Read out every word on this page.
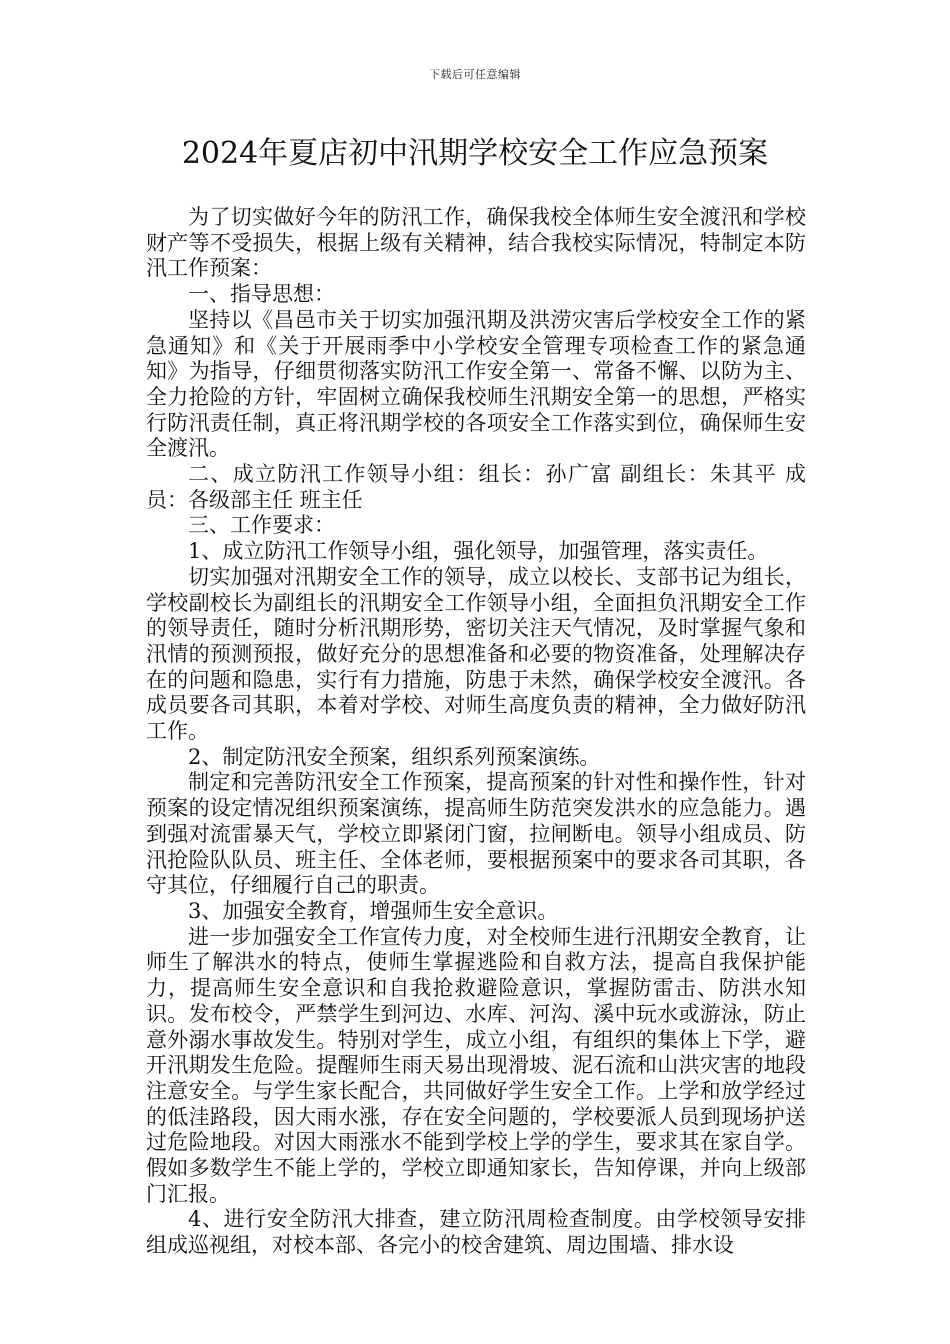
下载后可任意编辑
2024年夏店初中汛期学校安全工作应急预案

为了切实做好今年的防汛工作，确保我校全体师生安全渡汛和学校财产等不受损失，根据上级有关精神，结合我校实际情况，特制定本防汛工作预案：

一、指导思想：

坚持以《昌邑市关于切实加强汛期及洪涝灾害后学校安全工作的紧急通知》和《关于开展雨季中小学校安全管理专项检查工作的紧急通知》为指导，仔细贯彻落实防汛工作安全第一、常备不懈、以防为主、全力抢险的方针，牢固树立确保我校师生汛期安全第一的思想，严格实行防汛责任制，真正将汛期学校的各项安全工作落实到位，确保师生安全渡汛。

二、成立防汛工作领导小组：组长：孙广富 副组长：朱其平 成员：各级部主任 班主任

三、工作要求：

1、成立防汛工作领导小组，强化领导，加强管理，落实责任。

切实加强对汛期安全工作的领导，成立以校长、支部书记为组长，学校副校长为副组长的汛期安全工作领导小组，全面担负汛期安全工作的领导责任，随时分析汛期形势，密切关注天气情况，及时掌握气象和汛情的预测预报，做好充分的思想准备和必要的物资准备，处理解决存在的问题和隐患，实行有力措施，防患于未然，确保学校安全渡汛。各成员要各司其职，本着对学校、对师生高度负责的精神，全力做好防汛工作。

2、制定防汛安全预案，组织系列预案演练。

制定和完善防汛安全工作预案，提高预案的针对性和操作性，针对预案的设定情况组织预案演练，提高师生防范突发洪水的应急能力。遇到强对流雷暴天气，学校立即紧闭门窗，拉闸断电。领导小组成员、防汛抢险队队员、班主任、全体老师，要根据预案中的要求各司其职，各守其位，仔细履行自己的职责。

3、加强安全教育，增强师生安全意识。

进一步加强安全工作宣传力度，对全校师生进行汛期安全教育，让师生了解洪水的特点，使师生掌握逃险和自救方法，提高自我保护能力，提高师生安全意识和自我抢救避险意识，掌握防雷击、防洪水知识。发布校令，严禁学生到河边、水库、河沟、溪中玩水或游泳，防止意外溺水事故发生。特别对学生，成立小组，有组织的集体上下学，避开汛期发生危险。提醒师生雨天易出现滑坡、泥石流和山洪灾害的地段注意安全。与学生家长配合，共同做好学生安全工作。上学和放学经过的低洼路段，因大雨水涨，存在安全问题的，学校要派人员到现场护送过危险地段。对因大雨涨水不能到学校上学的学生，要求其在家自学。假如多数学生不能上学的，学校立即通知家长，告知停课，并向上级部门汇报。

4、进行安全防汛大排查，建立防汛周检查制度。由学校领导安排组成巡视组，对校本部、各完小的校舍建筑、周边围墙、排水设
